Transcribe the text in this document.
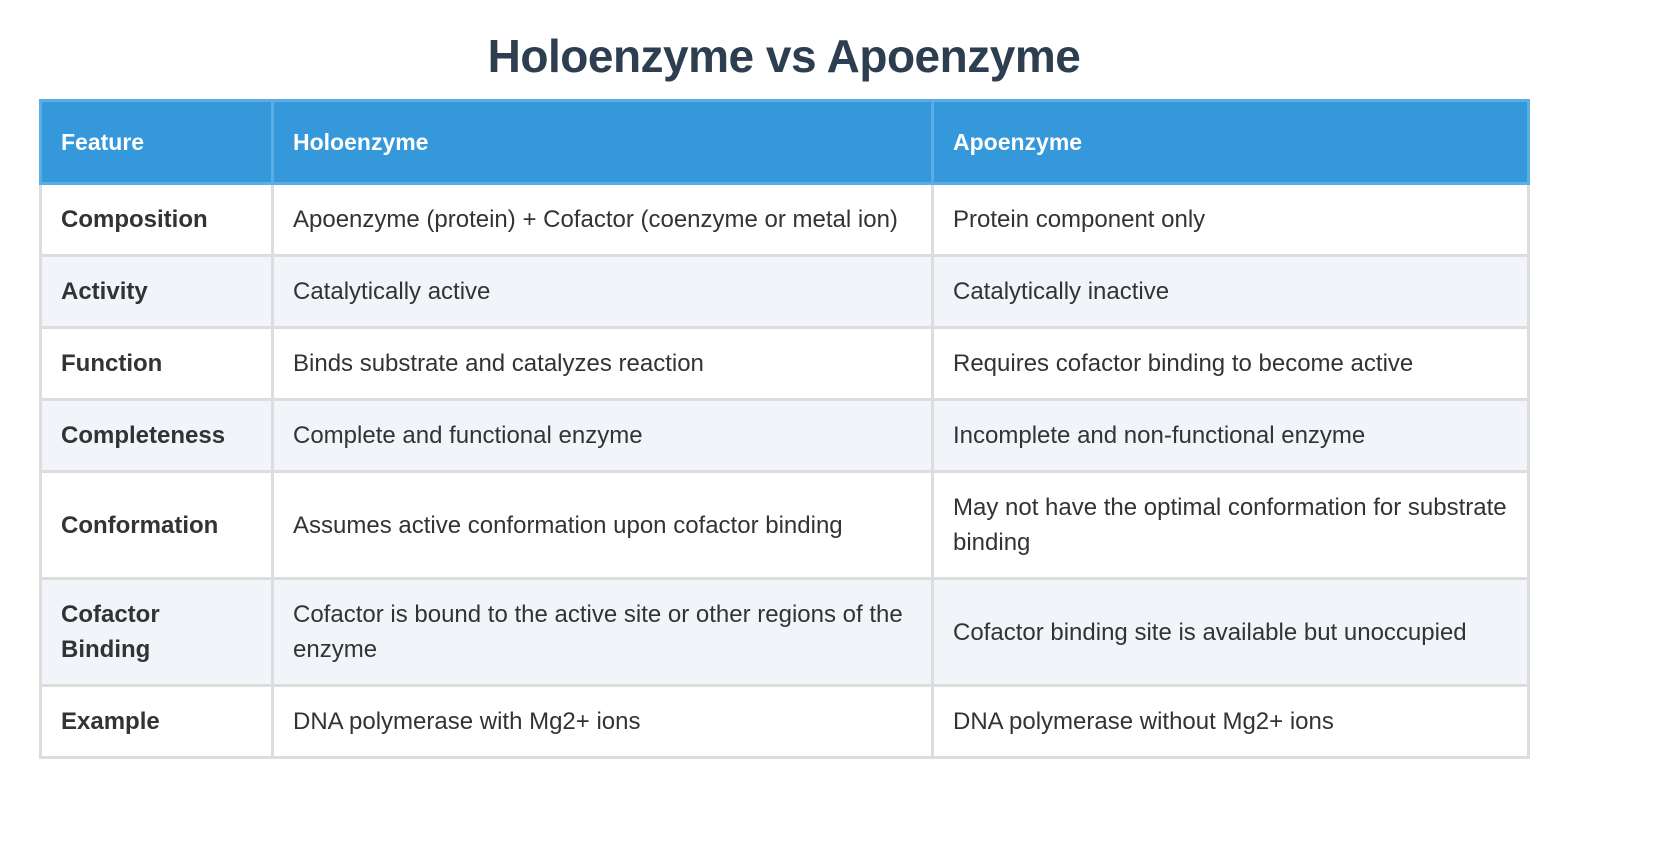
Holoenzyme vs Apoenzyme
Feature	Holoenzyme	Apoenzyme
Composition	Apoenzyme (protein) + Cofactor (coenzyme or metal ion)	Protein component only
Activity	Catalytically active	Catalytically inactive
Function	Binds substrate and catalyzes reaction	Requires cofactor binding to become active
Completeness	Complete and functional enzyme	Incomplete and non-functional enzyme
Conformation	Assumes active conformation upon cofactor binding	May not have the optimal conformation for substrate binding
Cofactor Binding	Cofactor is bound to the active site or other regions of the enzyme	Cofactor binding site is available but unoccupied
Example	DNA polymerase with Mg2+ ions	DNA polymerase without Mg2+ ions
